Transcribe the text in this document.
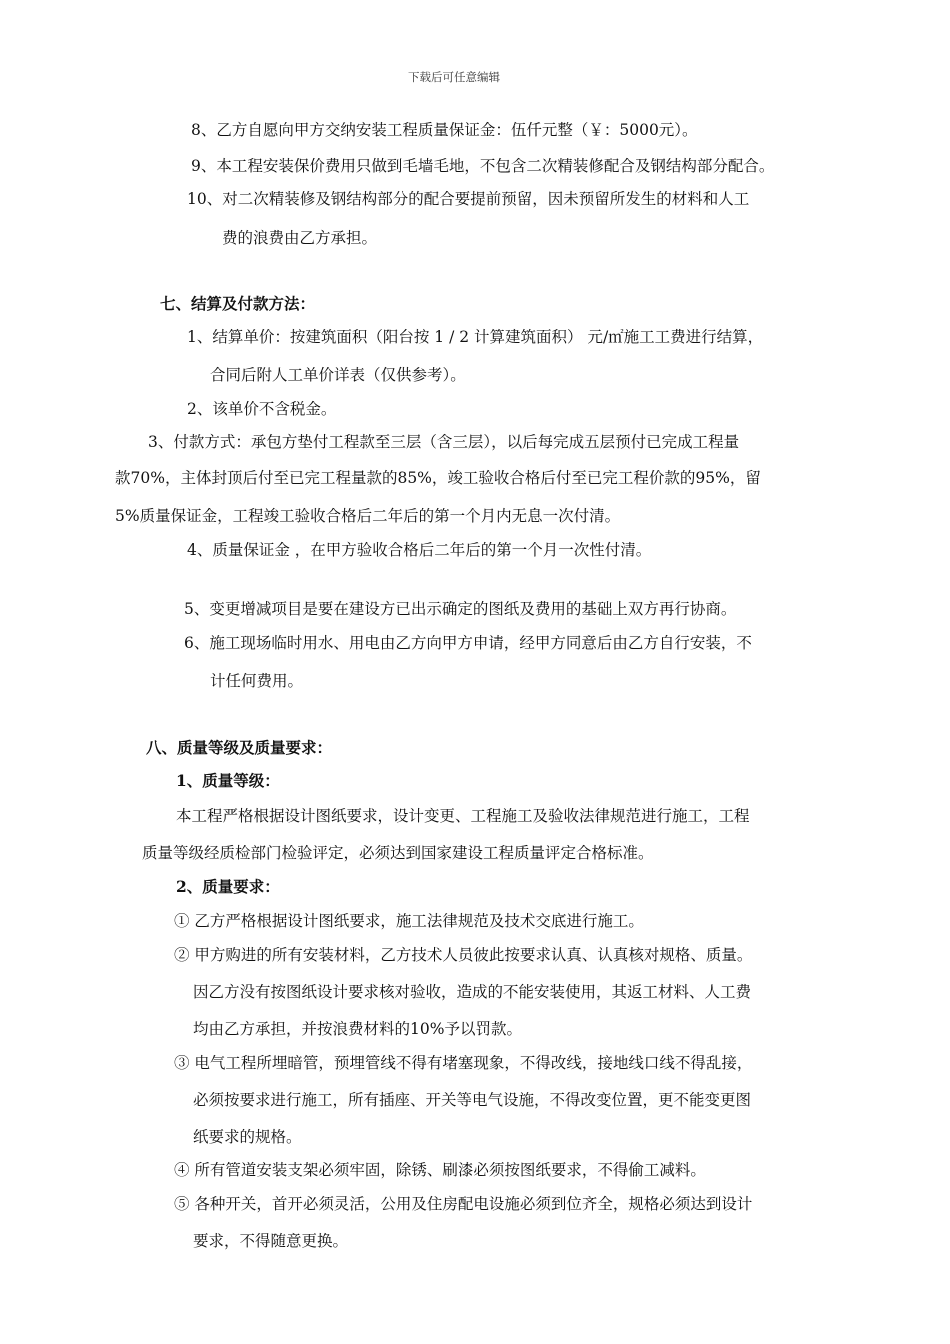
下载后可任意编辑
8、乙方自愿向甲方交纳安装工程质量保证金：伍仟元整（￥：5000元）。
9、本工程安装保价费用只做到毛墙毛地，不包含二次精装修配合及钢结构部分配合。
10、对二次精装修及钢结构部分的配合要提前预留，因未预留所发生的材料和人工
费的浪费由乙方承担。
七、结算及付款方法：
1、结算单价：按建筑面积（阳台按 1 / 2 计算建筑面积） 元/㎡施工工费进行结算，
合同后附人工单价详表（仅供参考）。
2、该单价不含税金。
3、付款方式：承包方垫付工程款至三层（含三层），以后每完成五层预付已完成工程量
款70%，主体封顶后付至已完工程量款的85%，竣工验收合格后付至已完工程价款的95%，留
5%质量保证金，工程竣工验收合格后二年后的第一个月内无息一次付清。
4、质量保证金 ，在甲方验收合格后二年后的第一个月一次性付清。
5、变更增减项目是要在建设方已出示确定的图纸及费用的基础上双方再行协商。
6、施工现场临时用水、用电由乙方向甲方申请，经甲方同意后由乙方自行安装，不
计任何费用。
八、质量等级及质量要求：
1、质量等级：
本工程严格根据设计图纸要求，设计变更、工程施工及验收法律规范进行施工，工程
质量等级经质检部门检验评定，必须达到国家建设工程质量评定合格标准。
2、质量要求：
① 乙方严格根据设计图纸要求，施工法律规范及技术交底进行施工。
② 甲方购进的所有安装材料，乙方技术人员彼此按要求认真、认真核对规格、质量。
因乙方没有按图纸设计要求核对验收，造成的不能安装使用，其返工材料、人工费
均由乙方承担，并按浪费材料的10%予以罚款。
③ 电气工程所埋暗管，预埋管线不得有堵塞现象，不得改线，接地线口线不得乱接，
必须按要求进行施工，所有插座、开关等电气设施，不得改变位置，更不能变更图
纸要求的规格。
④ 所有管道安装支架必须牢固，除锈、刷漆必须按图纸要求，不得偷工减料。
⑤ 各种开关，首开必须灵活，公用及住房配电设施必须到位齐全，规格必须达到设计
要求，不得随意更换。
